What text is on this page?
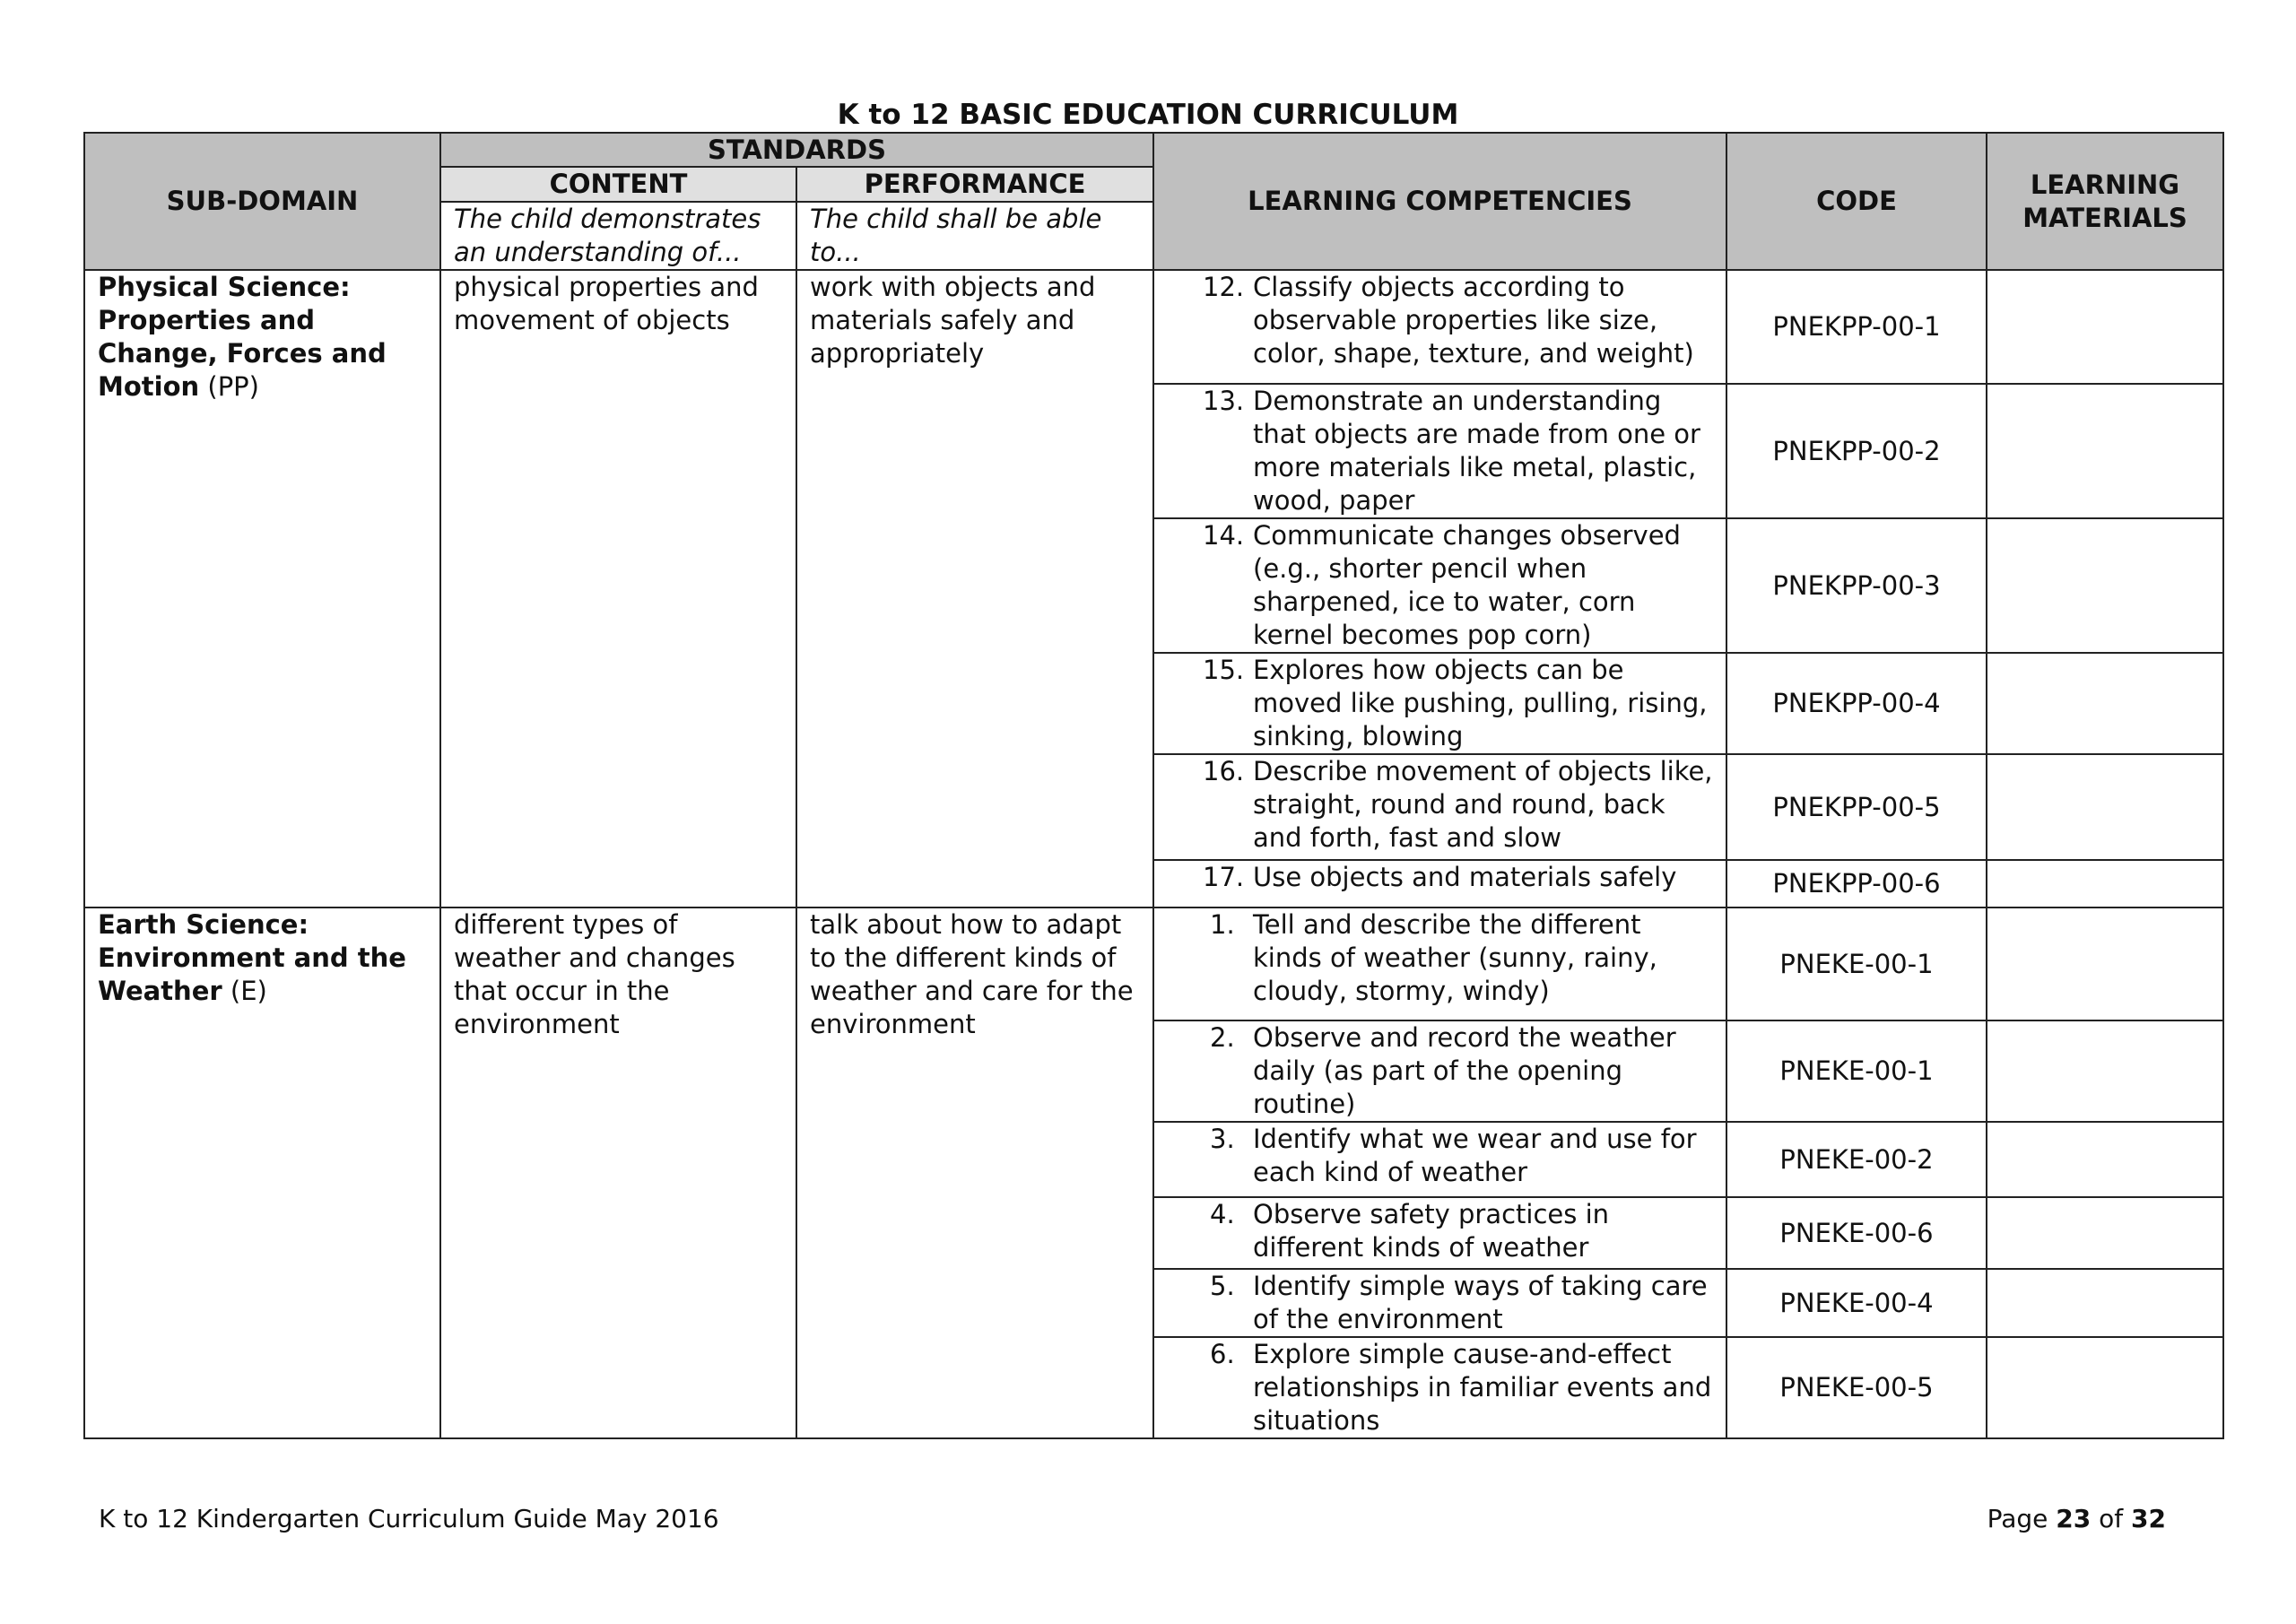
K to 12 BASIC EDUCATION CURRICULUM
SUB-DOMAIN	STANDARDS		LEARNING COMPETENCIES	CODE	LEARNING MATERIALS
	CONTENT	PERFORMANCE			
	The child demonstrates an understanding of...	The child shall be able to...			
Physical Science: Properties and Change, Forces and Motion (PP)	physical properties and movement of objects	work with objects and materials safely and appropriately	12. Classify objects according to observable properties like size, color, shape, texture, and weight)	PNEKPP-00-1	

			13. Demonstrate an understanding that objects are made from one or more materials like metal, plastic, wood, paper	PNEKPP-00-2	

			14. Communicate changes observed (e.g., shorter pencil when sharpened, ice to water, corn kernel becomes pop corn)	PNEKPP-00-3	

			15. Explores how objects can be moved like pushing, pulling, rising, sinking, blowing	PNEKPP-00-4	

			16. Describe movement of objects like, straight, round and round, back and forth, fast and slow	PNEKPP-00-5	

			17. Use objects and materials safely	PNEKPP-00-6	
Earth Science: Environment and the Weather (E)	different types of weather and changes that occur in the environment	talk about how to adapt to the different kinds of weather and care for the environment	1. Tell and describe the different kinds of weather (sunny, rainy, cloudy, stormy, windy)	PNEKE-00-1	

			2. Observe and record the weather daily (as part of the opening routine)	PNEKE-00-1	

			3. Identify what we wear and use for each kind of weather	PNEKE-00-2	

			4. Observe safety practices in different kinds of weather	PNEKE-00-6	

			5. Identify simple ways of taking care of the environment	PNEKE-00-4	

			6. Explore simple cause-and-effect relationships in familiar events and situations	PNEKE-00-5	
K to 12 Kindergarten Curriculum Guide May 2016	Page 23 of 32
